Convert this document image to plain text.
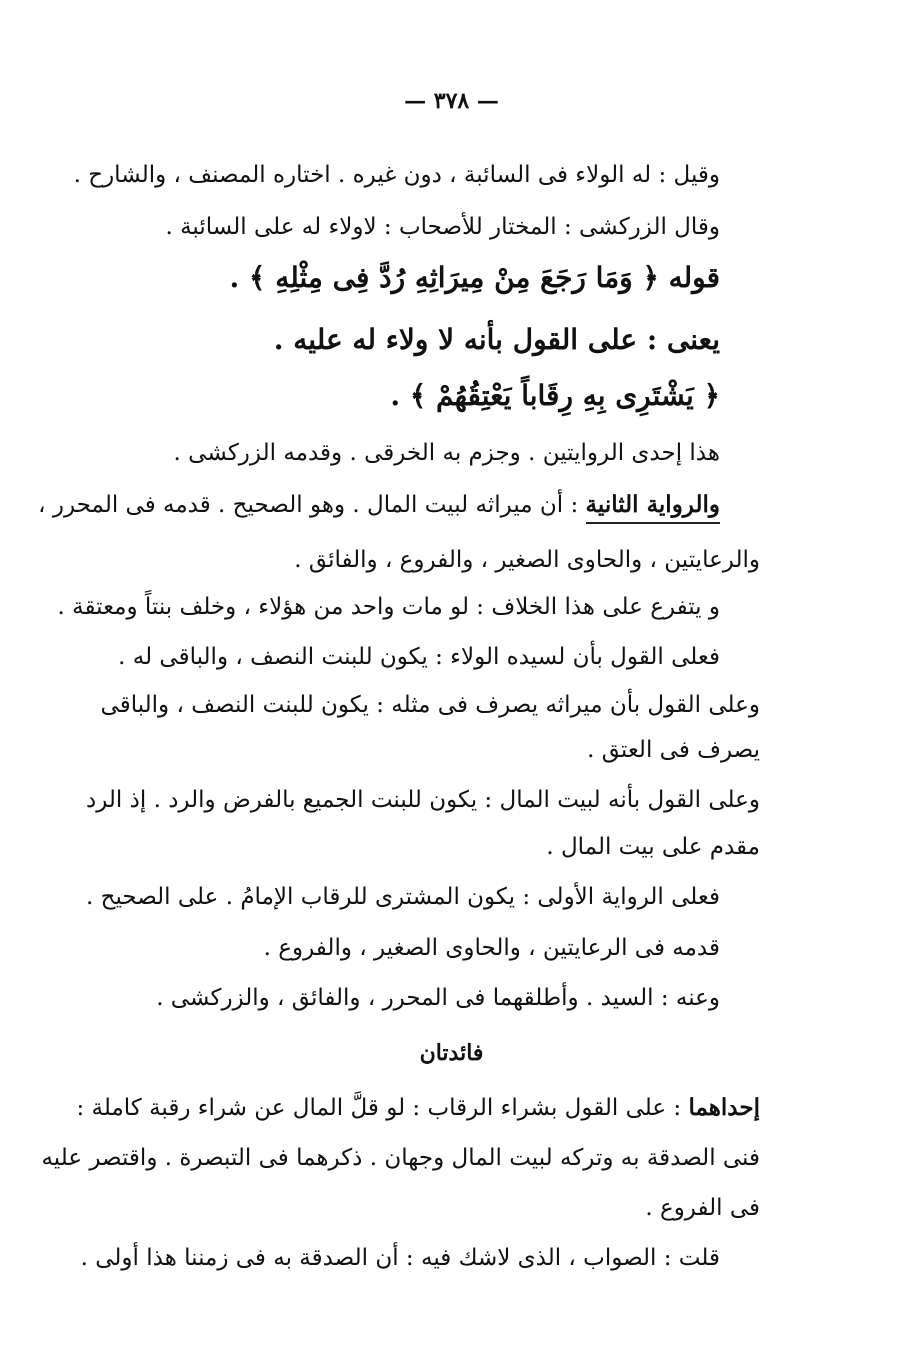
— ٣٧٨ —
وقيل : له الولاء فى السائبة ، دون غيره . اختاره المصنف ، والشارح .
وقال الزركشى : المختار للأصحاب : لاولاء له على السائبة .
قوله ﴿ وَمَا رَجَعَ مِنْ مِيرَاثِهِ رُدَّ فِى مِثْلِهِ ﴾ .
يعنى : على القول بأنه لا ولاء له عليه .
﴿ يَشْتَرِى بِهِ رِقَاباً يَعْتِقُهُمْ ﴾ .
هذا إحدى الروايتين . وجزم به الخرقى . وقدمه الزركشى .
والرواية الثانية : أن ميراثه لبيت المال . وهو الصحيح . قدمه فى المحرر ،
والرعايتين ، والحاوى الصغير ، والفروع ، والفائق .
و يتفرع على هذا الخلاف : لو مات واحد من هؤلاء ، وخلف بنتاً ومعتقة .
فعلى القول بأن لسيده الولاء : يكون للبنت النصف ، والباقى له .
وعلى القول بأن ميراثه يصرف فى مثله : يكون للبنت النصف ، والباقى
يصرف فى العتق .
وعلى القول بأنه لبيت المال : يكون للبنت الجميع بالفرض والرد . إذ الرد
مقدم على بيت المال .
فعلى الرواية الأولى : يكون المشترى للرقاب الإمامُ . على الصحيح .
قدمه فى الرعايتين ، والحاوى الصغير ، والفروع .
وعنه : السيد . وأطلقهما فى المحرر ، والفائق ، والزركشى .
فائدتان
إحداهما : على القول بشراء الرقاب : لو قلَّ المال عن شراء رقبة كاملة :
فنى الصدقة به وتركه لبيت المال وجهان . ذكرهما فى التبصرة . واقتصر عليه
فى الفروع .
قلت : الصواب ، الذى لاشك فيه : أن الصدقة به فى زمننا هذا أولى .
